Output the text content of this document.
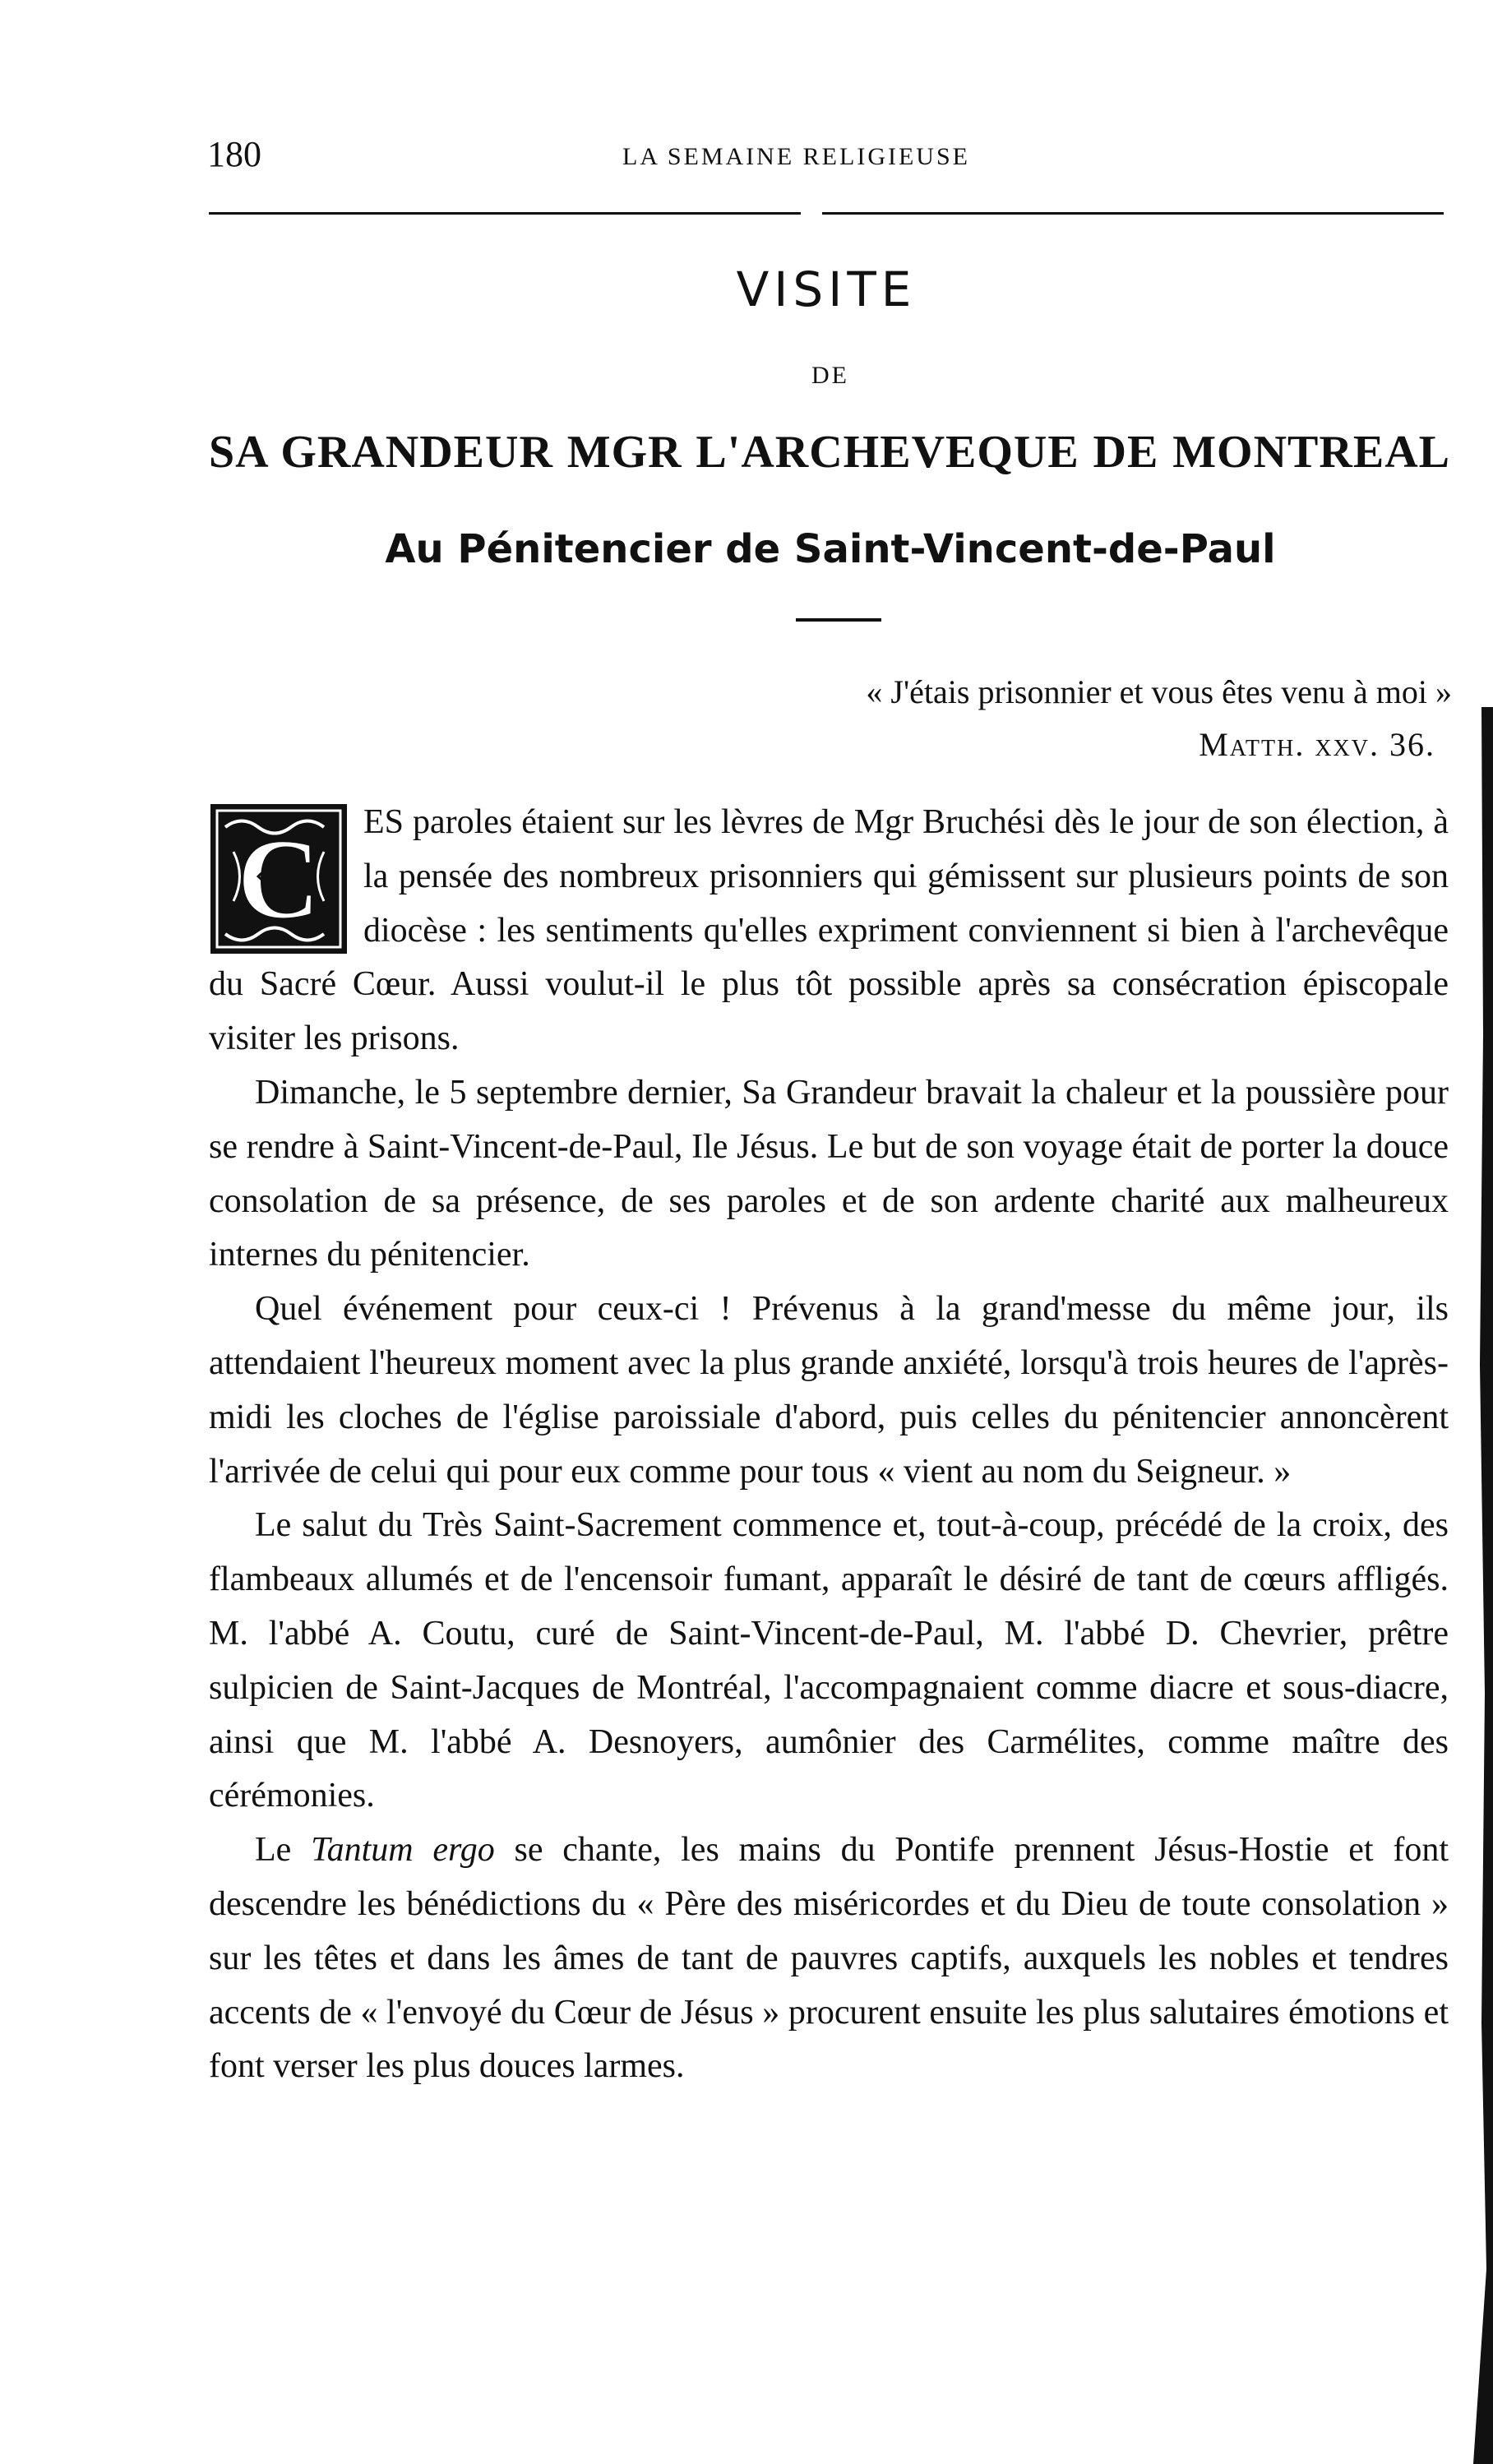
180	LA SEMAINE RELIGIEUSE
VISITE
DE
SA GRANDEUR MGR L'ARCHEVEQUE DE MONTREAL
Au Pénitencier de Saint-Vincent-de-Paul
« J'étais prisonnier et vous êtes venu à moi »
Matth. xxv. 36.
C	ES paroles étaient sur les lèvres de Mgr Bruchési dès le jour de son élection, à la pensée des nombreux prisonniers qui gémissent sur plusieurs points de son diocèse : les sentiments qu'elles expriment conviennent si bien à l'archevêque du Sacré Cœur. Aussi voulut-il le plus tôt possible après sa consécration épiscopale visiter les prisons.

Dimanche, le 5 septembre dernier, Sa Grandeur bravait la chaleur et la poussière pour se rendre à Saint-Vincent-de-Paul, Ile Jésus. Le but de son voyage était de porter la douce consolation de sa présence, de ses paroles et de son ardente charité aux malheureux internes du pénitencier.

Quel événement pour ceux-ci ! Prévenus à la grand'messe du même jour, ils attendaient l'heureux moment avec la plus grande anxiété, lorsqu'à trois heures de l'après-midi les cloches de l'église paroissiale d'abord, puis celles du pénitencier annoncèrent l'arrivée de celui qui pour eux comme pour tous « vient au nom du Seigneur. »

Le salut du Très Saint-Sacrement commence et, tout-à-coup, précédé de la croix, des flambeaux allumés et de l'encensoir fumant, apparaît le désiré de tant de cœurs affligés. M. l'abbé A. Coutu, curé de Saint-Vincent-de-Paul, M. l'abbé D. Chevrier, prêtre sulpicien de Saint-Jacques de Montréal, l'accompagnaient comme diacre et sous-diacre, ainsi que M. l'abbé A. Desnoyers, aumônier des Carmélites, comme maître des cérémonies.

Le Tantum ergo se chante, les mains du Pontife prennent Jésus-Hostie et font descendre les bénédictions du « Père des miséricordes et du Dieu de toute consolation » sur les têtes et dans les âmes de tant de pauvres captifs, auxquels les nobles et tendres accents de « l'envoyé du Cœur de Jésus » procurent ensuite les plus salutaires émotions et font verser les plus douces larmes.
